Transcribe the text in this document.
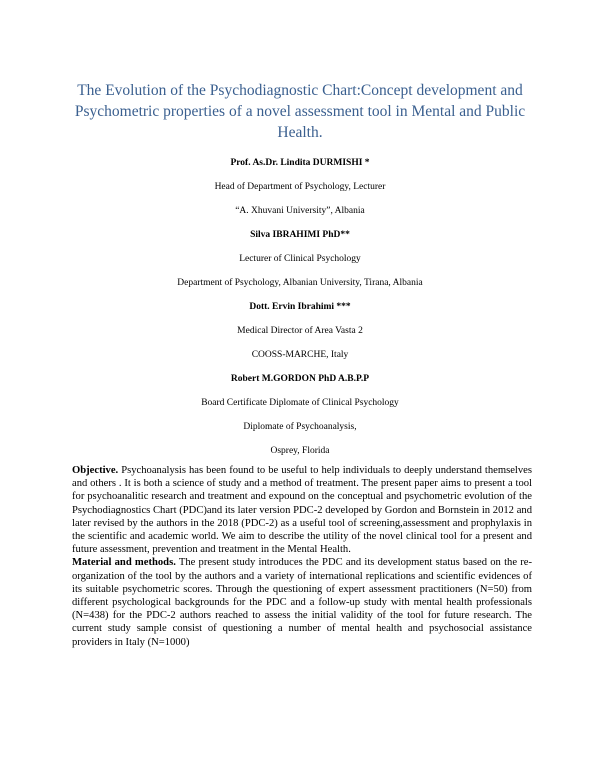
The Evolution of the Psychodiagnostic Chart:Concept development and Psychometric properties of a novel assessment tool in Mental and Public Health.
Prof. As.Dr. Lindita DURMISHI *
Head of Department of Psychology, Lecturer
“A. Xhuvani University”, Albania
Silva IBRAHIMI PhD**
Lecturer of Clinical Psychology
Department of Psychology, Albanian University, Tirana, Albania
Dott. Ervin Ibrahimi ***
Medical Director of Area Vasta 2
COOSS-MARCHE, Italy
Robert M.GORDON PhD A.B.P.P
Board Certificate Diplomate of Clinical Psychology
Diplomate of Psychoanalysis,
Osprey, Florida

Objective. Psychoanalysis has been found to be useful to help individuals to deeply understand themselves and others . It is both a science of study and a method of treatment. The present paper aims to present a tool for psychoanalitic research and treatment and expound on the conceptual and psychometric evolution of the Psychodiagnostics Chart (PDC)and its later version PDC-2 developed by Gordon and Bornstein in 2012 and later revised by the authors in the 2018 (PDC-2) as a useful tool of screening,assessment and prophylaxis in the scientific and academic world. We aim to describe the utility of the novel clinical tool for a present and future assessment, prevention and treatment in the Mental Health.

Material and methods. The present study introduces the PDC and its development status based on the re-organization of the tool by the authors and a variety of international replications and scientific evidences of its suitable psychometric scores. Through the questioning of expert assessment practitioners (N=50) from different psychological backgrounds for the PDC and a follow-up study with mental health professionals (N=438) for the PDC-2 authors reached to assess the initial validity of the tool for future research. The current study sample consist of questioning a number of mental health and psychosocial assistance providers in Italy (N=1000)
